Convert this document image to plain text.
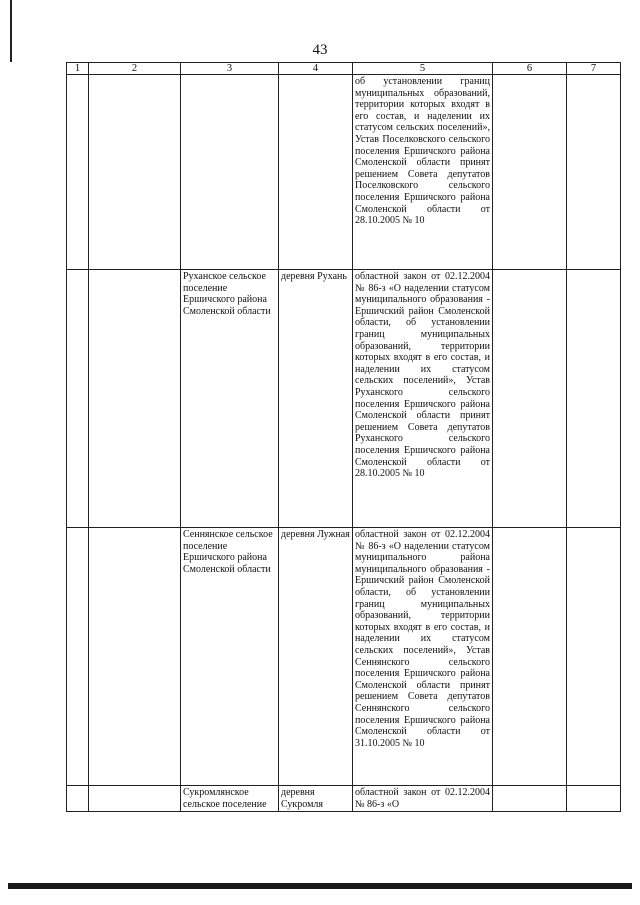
43
1	2	3	4	5	6	7

				об установлении границ муниципальных образований, территории которых входят в его состав, и наделении их статусом сельских поселений», Устав Поселковского сельского поселения Ершичского района Смоленской области принят решением Совета депутатов Поселковского сельского поселения Ершичского района Смоленской области от 28.10.2005 № 10		

		Руханское сельское поселение Ершичского района Смоленской области	деревня Рухань	областной закон от 02.12.2004 № 86-з «О наделении статусом муниципального образования - Ершичский район Смоленской области, об установлении границ муниципальных образований, территории которых входят в его состав, и наделении их статусом сельских поселений», Устав Руханского сельского поселения Ершичского района Смоленской области принят решением Совета депутатов Руханского сельского поселения Ершичского района Смоленской области от 28.10.2005 № 10		

		Сеннянское сельское поселение Ершичского района Смоленской области	деревня Лужная	областной закон от 02.12.2004 № 86-з «О наделении статусом муниципального района муниципального образования - Ершичский район Смоленской области, об установлении границ муниципальных образований, территории которых входят в его состав, и наделении их статусом сельских поселений», Устав Сеннянского сельского поселения Ершичского района Смоленской области принят решением Совета депутатов Сеннянского сельского поселения Ершичского района Смоленской области от 31.10.2005 № 10		

		Сукромлянское сельское поселение	деревня Сукромля	областной закон от 02.12.2004 № 86-з «О		
